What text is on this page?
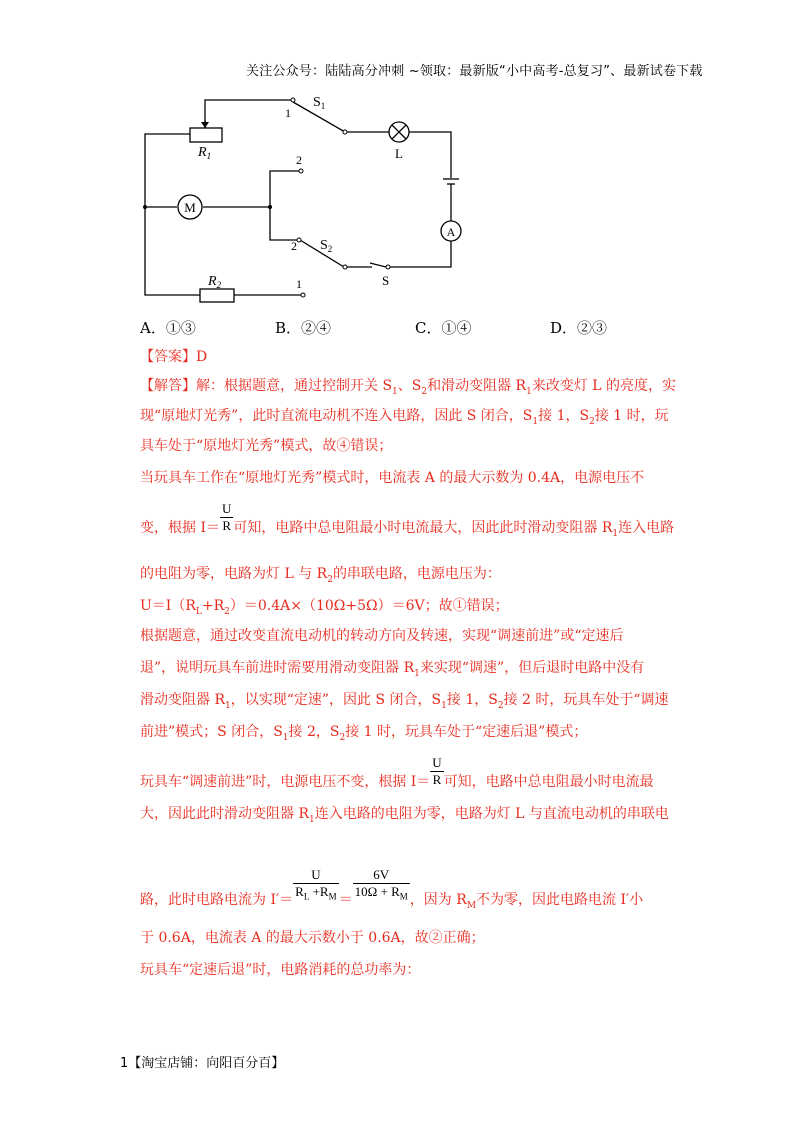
关注公众号：陆陆高分冲刺 ~领取：最新版“小中高考-总复习”、最新试卷下载
M
A
$S_1$
1
L
$R_1$	2
2 $S_2$
S
$R_2$	1
A．①③	B．②④	C．①④	D．②③
【答案】D
【解答】解：根据题意，通过控制开关 $S_1$、$S_2$和滑动变阻器 $R_1$来改变灯 L 的亮度，实
现“原地灯光秀”，此时直流电动机不连入电路，因此 S 闭合，$S_1$接 1，$S_2$接 1 时，玩
具车处于“原地灯光秀”模式，故④错误；
当玩具车工作在“原地灯光秀”模式时，电流表 A 的最大示数为 0.4A，电源电压不
变，根据 $I= \frac{U}{R}$ 可知，电路中总电阻最小时电流最大，因此此时滑动变阻器 $R_1$连入电路
的电阻为零，电路为灯 L 与 $R_2$的串联电路，电源电压为：
$U=I(R_L+R_2)=0.4A\times(10\Omega+5\Omega)=6V$；故①错误；
根据题意，通过改变直流电动机的转动方向及转速，实现“调速前进”或“定速后
退”，说明玩具车前进时需要用滑动变阻器 $R_1$来实现“调速”，但后退时电路中没有
滑动变阻器 $R_1$，以实现“定速”，因此 S 闭合，$S_1$接 1，$S_2$接 2 时，玩具车处于“调速
前进”模式；S 闭合，$S_1$接 2，$S_2$接 1 时，玩具车处于“定速后退”模式；
玩具车“调速前进”时，电源电压不变，根据 $I= \frac{U}{R}$ 可知，电路中总电阻最小时电流最
大，因此此时滑动变阻器 $R_1$连入电路的电阻为零，电路为灯 L 与直流电动机的串联电
路，此时电路电流为 $I'= \frac{U}{R_L +R_M} = \frac{6V}{10\Omega + R_M}$ ，因为 $R_M$不为零，因此电路电流 I′小
于 0.6A，电流表 A 的最大示数小于 0.6A，故②正确；
玩具车“定速后退”时，电路消耗的总功率为：
1【淘宝店铺：向阳百分百】
